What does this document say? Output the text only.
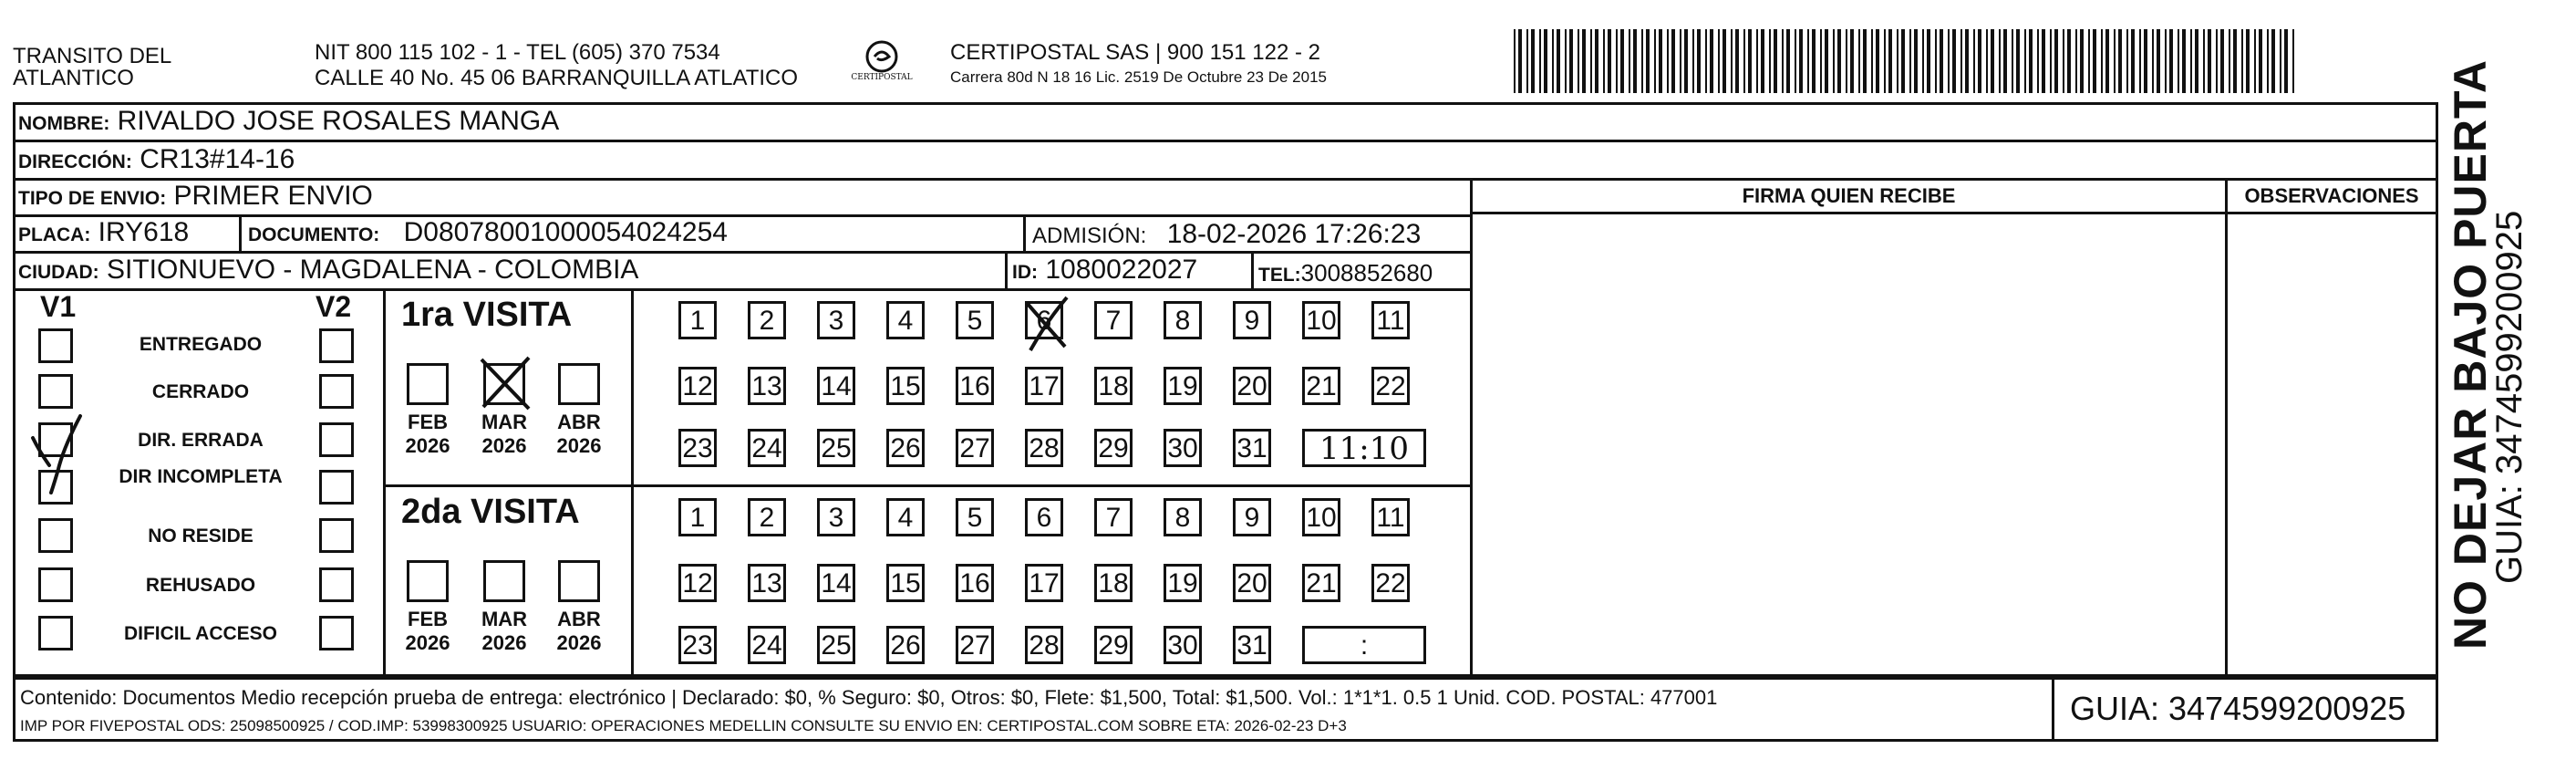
TRANSITO DEL
ATLANTICO
NIT 800 115 102 - 1 - TEL (605) 370 7534
CALLE 40 No. 45 06 BARRANQUILLA ATLATICO	CERTIPOSTAL
CERTIPOSTAL SAS | 900 151 122 - 2
Carrera 80d N 18 16 Lic. 2519 De Octubre 23 De 2015
NOMBRE: RIVALDO JOSE ROSALES MANGA
DIRECCIÓN: CR13#14-16
TIPO DE ENVIO: PRIMER ENVIO
PLACA: IRY618	DOCUMENTO: D08078001000054024254	ADMISIÓN: 18-02-2026 17:26:23
CIUDAD: SITIONUEVO - MAGDALENA - COLOMBIA	ID: 1080022027	TEL:3008852680
FIRMA QUIEN RECIBE	OBSERVACIONES
V1	V2
ENTREGADO
CERRADO
DIR. ERRADA
DIR INCOMPLETA
NO RESIDE
REHUSADO
DIFICIL ACCESO
1ra VISITA
FEB
2026
MAR
2026
ABR
2026
1	2	3	4	5	6	7	8	9	10 11
12 13 14 15 16 17 18 19 20 21 22
23 24 25 26 27 28 29 30 31	11:10
2da VISITA
FEB
2026
MAR
2026
ABR
2026
1	2	3	4	5	6	7	8	9	10 11
12 13 14 15 16 17 18 19 20 21 22
23 24 25 26 27 28 29 30 31	:
Contenido: Documentos Medio recepción prueba de entrega: electrónico | Declarado: $0, % Seguro: $0, Otros: $0, Flete: $1,500, Total: $1,500. Vol.: 1*1*1. 0.5 1 Unid. COD. POSTAL: 477001
IMP POR FIVEPOSTAL ODS: 25098500925 / COD.IMP: 53998300925 USUARIO: OPERACIONES MEDELLIN CONSULTE SU ENVIO EN: CERTIPOSTAL.COM SOBRE ETA: 2026-02-23 D+3	GUIA: 3474599200925
NO DEJAR BAJO PUERTA
GUIA: 3474599200925
